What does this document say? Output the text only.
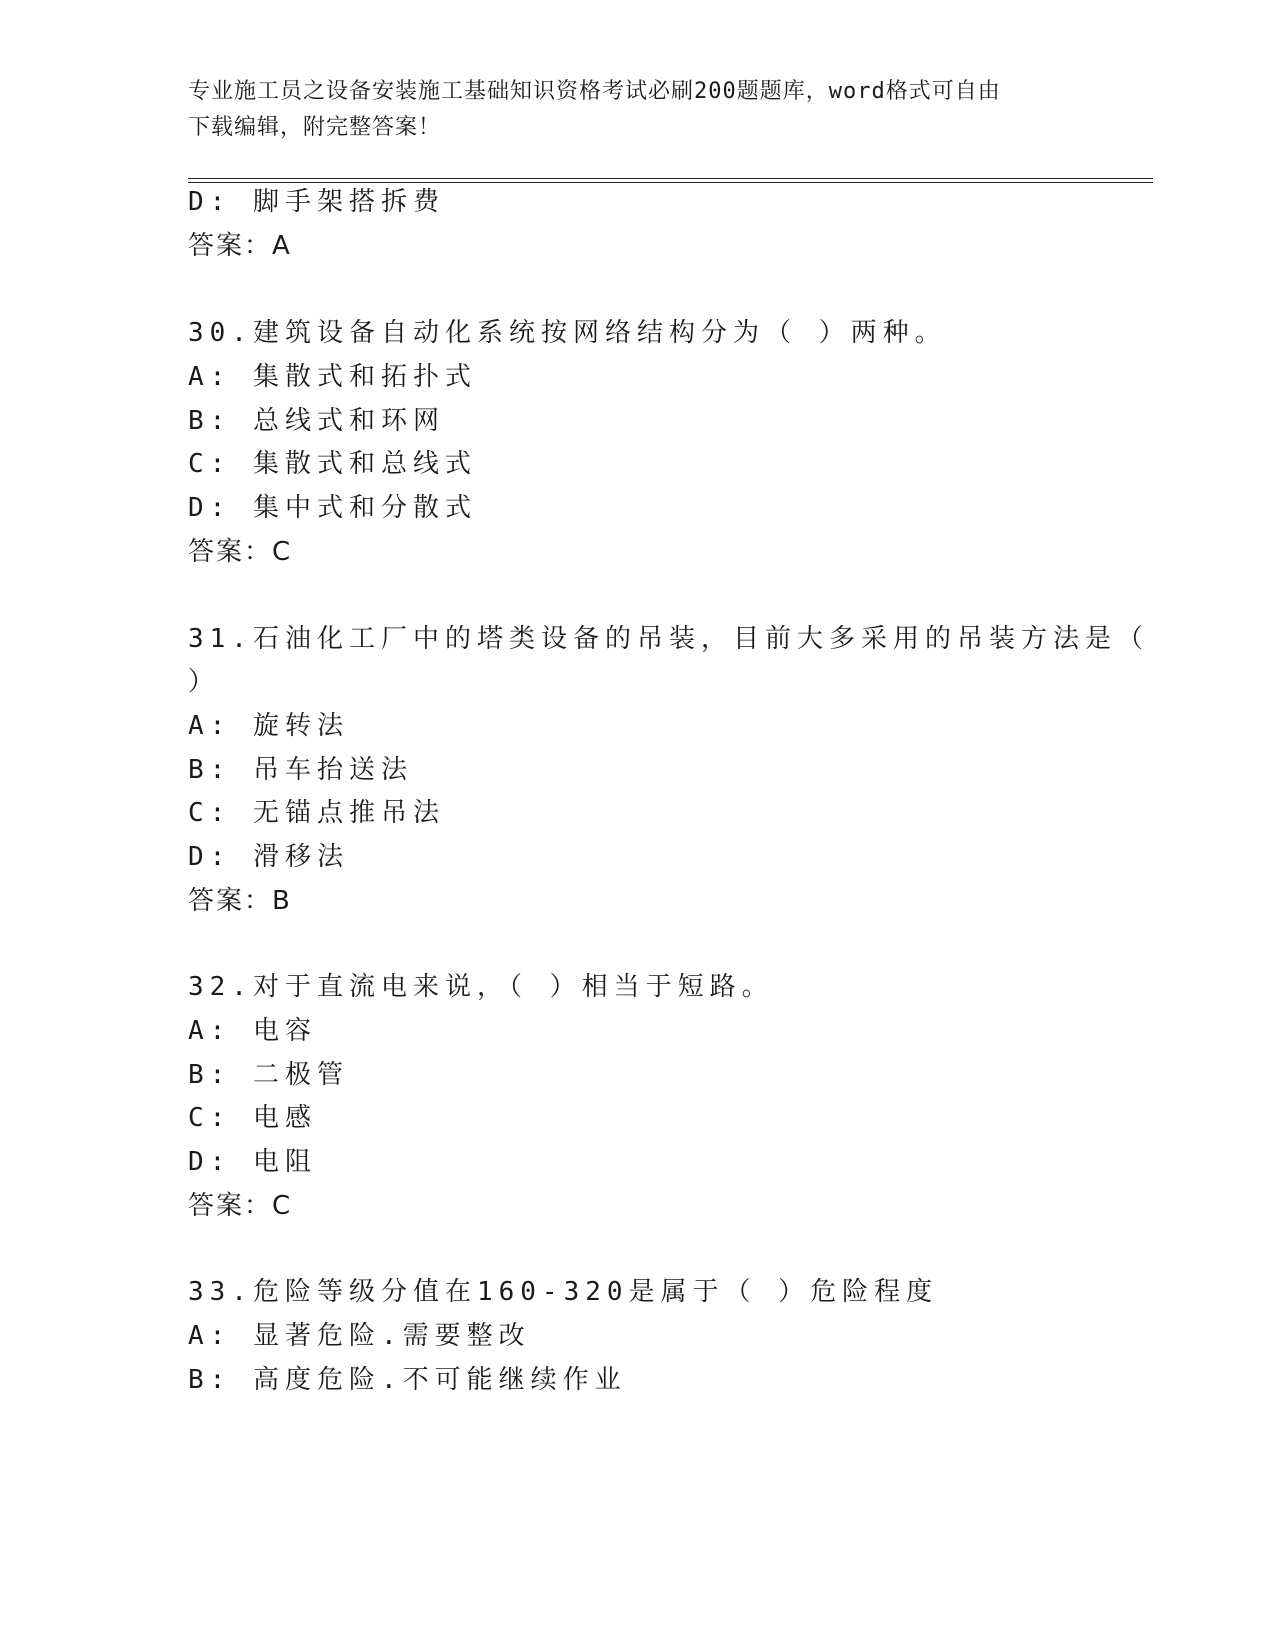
专业施工员之设备安装施工基础知识资格考试必刷200题题库，word格式可自由
下载编辑，附完整答案！
D: 脚手架搭拆费
答案：A
30.建筑设备自动化系统按网络结构分为（ ）两种。
A: 集散式和拓扑式
B: 总线式和环网
C: 集散式和总线式
D: 集中式和分散式
答案：C
31.石油化工厂中的塔类设备的吊装，目前大多采用的吊装方法是（
）
A: 旋转法
B: 吊车抬送法
C: 无锚点推吊法
D: 滑移法
答案：B
32.对于直流电来说，（ ）相当于短路。
A: 电容
B: 二极管
C: 电感
D: 电阻
答案：C
33.危险等级分值在160-320是属于（ ）危险程度
A: 显著危险.需要整改
B: 高度危险.不可能继续作业
